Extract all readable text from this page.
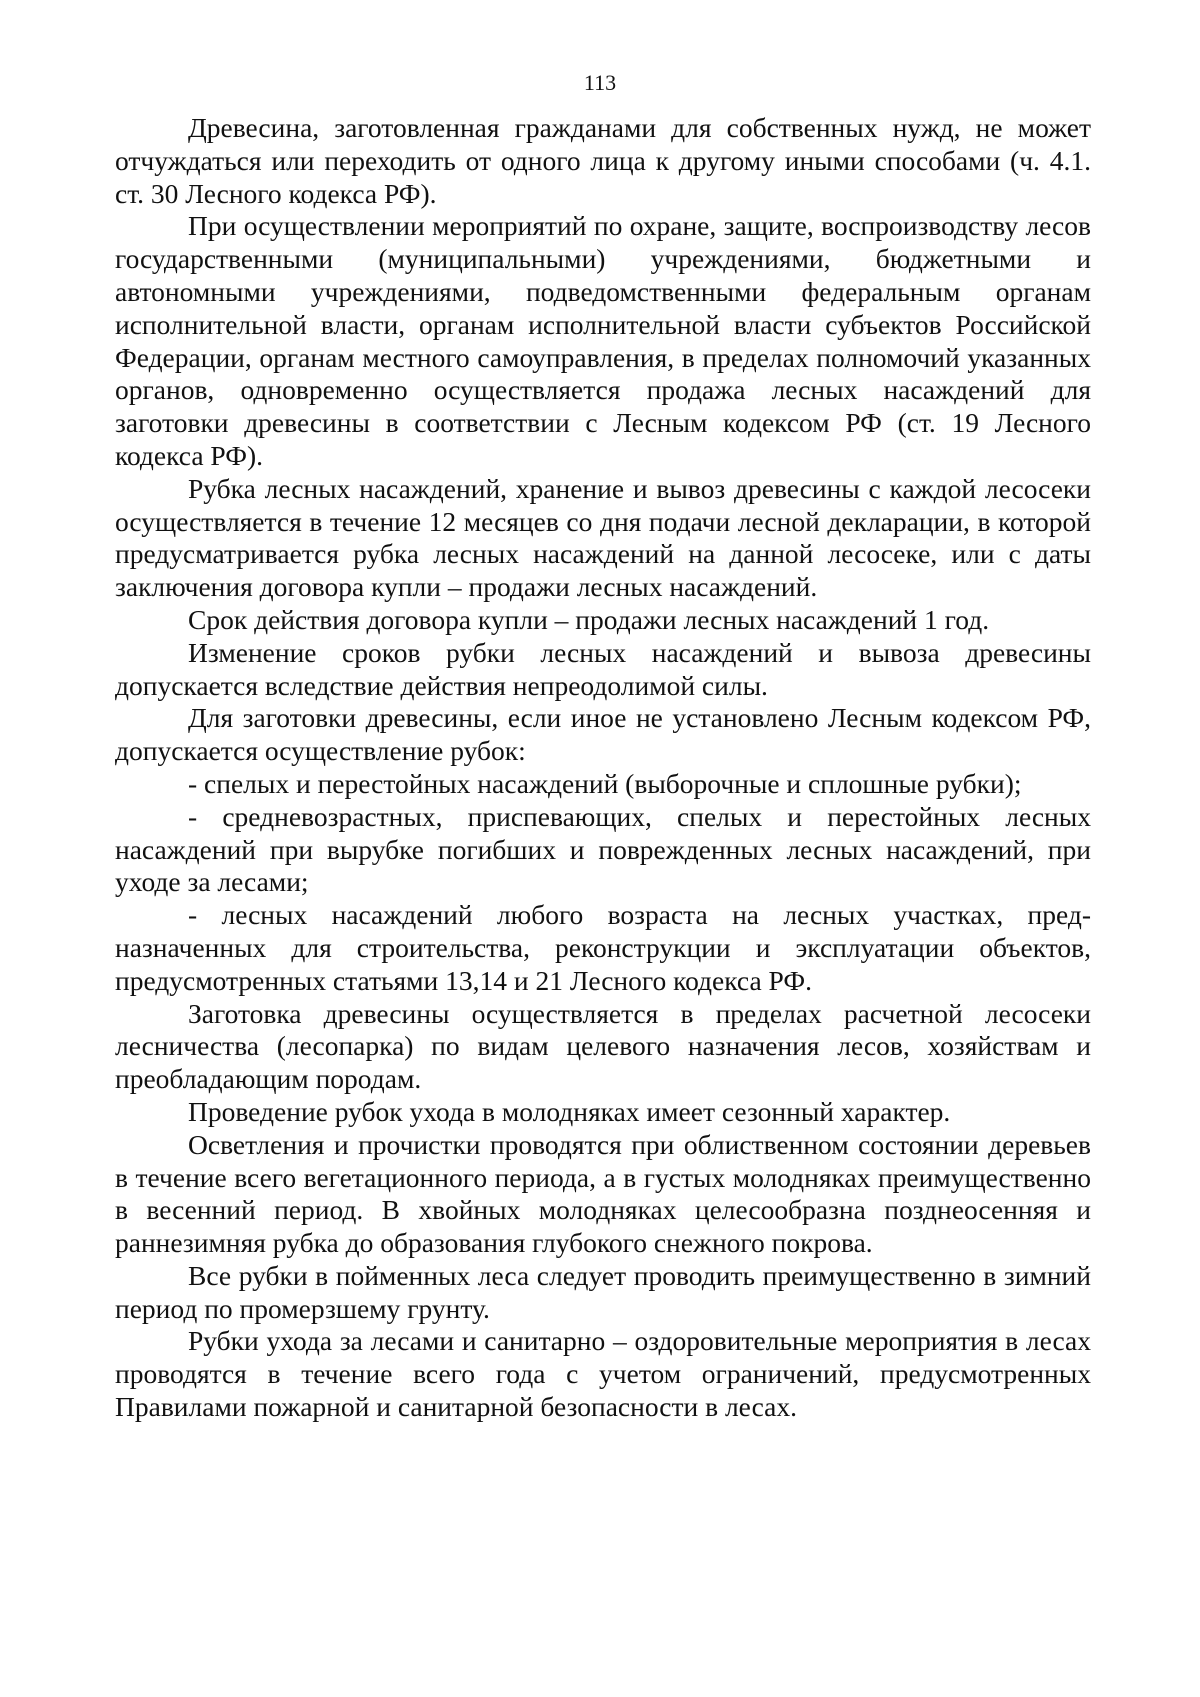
113

Древесина, заготовленная гражданами для собственных нужд, не может отчуждаться или переходить от одного лица к другому иными способами (ч. 4.1. ст. 30 Лесного кодекса РФ).

При осуществлении мероприятий по охране, защите, воспроизводству лесов государственными (муниципальными) учреждениями, бюджетными и автономными учреждениями, подведомственными федеральным органам исполнительной власти, органам исполнительной власти субъектов Российской Федерации, органам местного самоуправления, в пределах полномочий указанных органов, одновременно осуществляется продажа лесных насаждений для заготовки древесины в соответствии с Лесным кодексом РФ (ст. 19 Лесного кодекса РФ).

Рубка лесных насаждений, хранение и вывоз древесины с каждой лесосеки осуществляется в течение 12 месяцев со дня подачи лесной декларации, в которой предусматривается рубка лесных насаждений на данной лесосеке, или с даты заключения договора купли – продажи лесных насаждений.

Срок действия договора купли – продажи лесных насаждений 1 год.

Изменение сроков рубки лесных насаждений и вывоза древесины допускается вследствие действия непреодолимой силы.

Для заготовки древесины, если иное не установлено Лесным кодексом РФ, допускается осуществление рубок:

- спелых и перестойных насаждений (выборочные и сплошные рубки);

- средневозрастных, приспевающих, спелых и перестойных лесных насаждений при вырубке погибших и поврежденных лесных насаждений, при уходе за лесами;

- лесных насаждений любого возраста на лесных участках, пред-назначенных для строительства, реконструкции и эксплуатации объектов, предусмотренных статьями 13,14 и 21 Лесного кодекса РФ.

Заготовка древесины осуществляется в пределах расчетной лесосеки лесничества (лесопарка) по видам целевого назначения лесов, хозяйствам и преобладающим породам.

Проведение рубок ухода в молодняках имеет сезонный характер.

Осветления и прочистки проводятся при облиственном состоянии деревьев в течение всего вегетационного периода, а в густых молодняках преимущественно в весенний период. В хвойных молодняках целесообразна позднеосенняя и раннезимняя рубка до образования глубокого снежного покрова.

Все рубки в пойменных леса следует проводить преимущественно в зимний период по промерзшему грунту.

Рубки ухода за лесами и санитарно – оздоровительные мероприятия в лесах проводятся в течение всего года с учетом ограничений, предусмотренных Правилами пожарной и санитарной безопасности в лесах.
